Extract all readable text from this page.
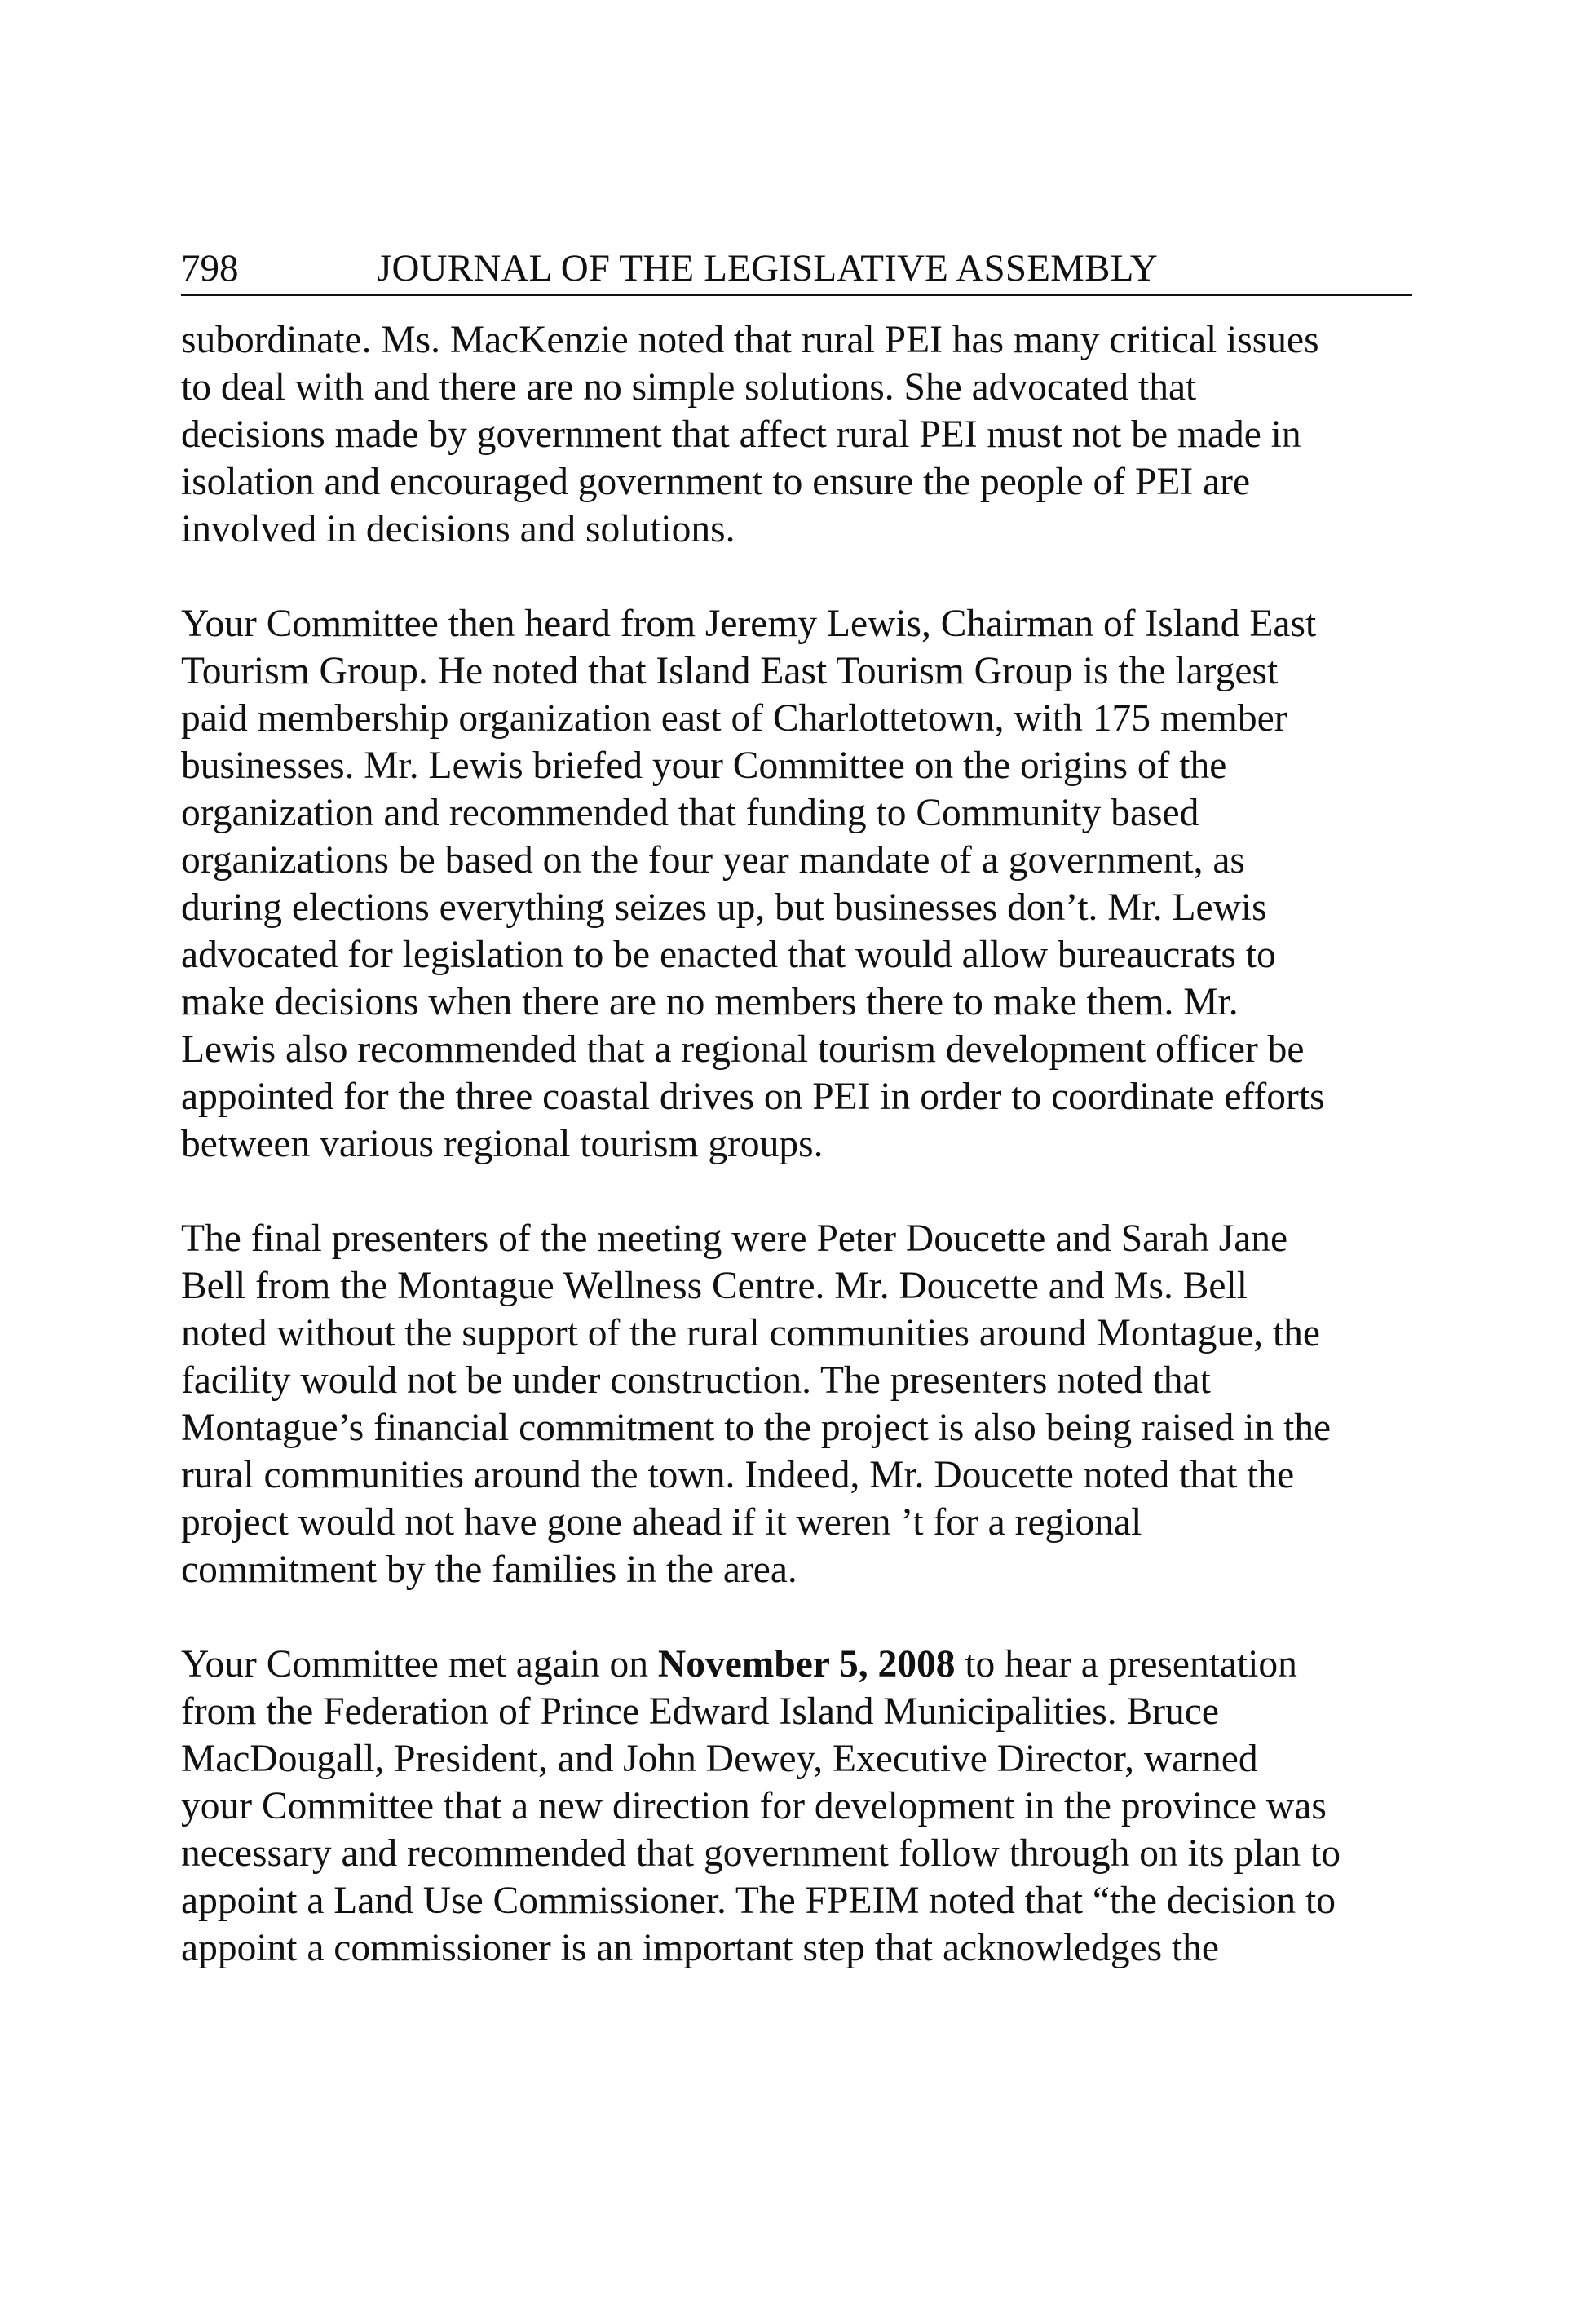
798	JOURNAL OF THE LEGISLATIVE ASSEMBLY

subordinate. Ms. MacKenzie noted that rural PEI has many critical issues
to deal with and there are no simple solutions. She advocated that
decisions made by government that affect rural PEI must not be made in
isolation and encouraged government to ensure the people of PEI are
involved in decisions and solutions.

Your Committee then heard from Jeremy Lewis, Chairman of Island East
Tourism Group. He noted that Island East Tourism Group is the largest
paid membership organization east of Charlottetown, with 175 member
businesses. Mr. Lewis briefed your Committee on the origins of the
organization and recommended that funding to Community based
organizations be based on the four year mandate of a government, as
during elections everything seizes up, but businesses don’t. Mr. Lewis
advocated for legislation to be enacted that would allow bureaucrats to
make decisions when there are no members there to make them. Mr.
Lewis also recommended that a regional tourism development officer be
appointed for the three coastal drives on PEI in order to coordinate efforts
between various regional tourism groups.

The final presenters of the meeting were Peter Doucette and Sarah Jane
Bell from the Montague Wellness Centre. Mr. Doucette and Ms. Bell
noted without the support of the rural communities around Montague, the
facility would not be under construction. The presenters noted that
Montague’s financial commitment to the project is also being raised in the
rural communities around the town. Indeed, Mr. Doucette noted that the
project would not have gone ahead if it weren ’t for a regional
commitment by the families in the area.

Your Committee met again on November 5, 2008 to hear a presentation
from the Federation of Prince Edward Island Municipalities. Bruce
MacDougall, President, and John Dewey, Executive Director, warned
your Committee that a new direction for development in the province was
necessary and recommended that government follow through on its plan to
appoint a Land Use Commissioner. The FPEIM noted that “the decision to
appoint a commissioner is an important step that acknowledges the
